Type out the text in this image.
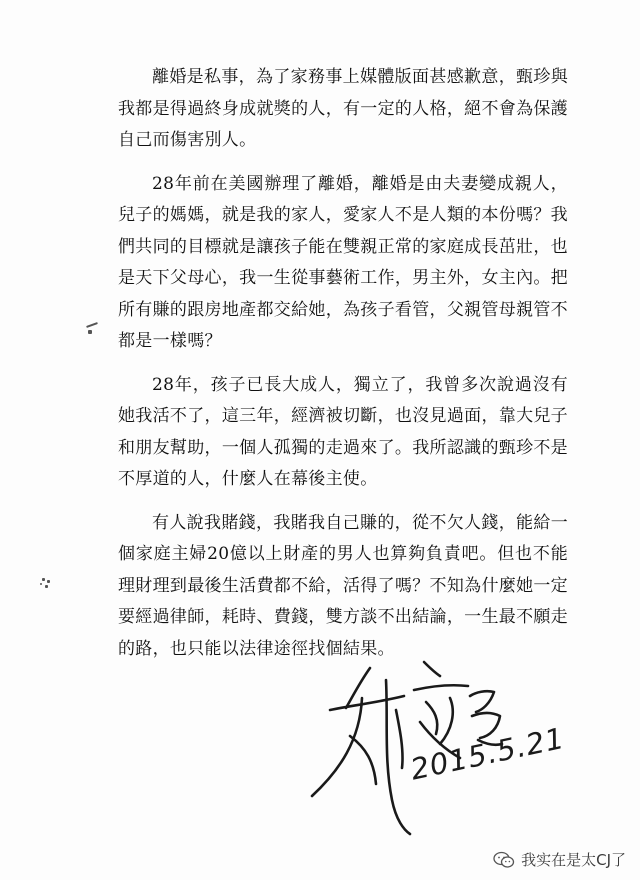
離婚是私事，為了家務事上媒體版面甚感歉意，甄珍與我都是得過終身成就獎的人，有一定的人格，絕不會為保護自己而傷害別人。

28年前在美國辦理了離婚，離婚是由夫妻變成親人，兒子的媽媽，就是我的家人，愛家人不是人類的本份嗎？我們共同的目標就是讓孩子能在雙親正常的家庭成長茁壯，也是天下父母心，我一生從事藝術工作，男主外，女主內。把所有賺的跟房地產都交給她，為孩子看管，父親管母親管不都是一樣嗎？

28年，孩子已長大成人，獨立了，我曾多次說過沒有她我活不了，這三年，經濟被切斷，也沒見過面，靠大兒子和朋友幫助，一個人孤獨的走過來了。我所認識的甄珍不是不厚道的人，什麼人在幕後主使。

有人說我賭錢，我賭我自己賺的，從不欠人錢，能給一個家庭主婦20億以上財產的男人也算夠負責吧。但也不能理財理到最後生活費都不給，活得了嗎？不知為什麼她一定要經過律師，耗時、費錢，雙方談不出結論，一生最不願走的路，也只能以法律途徑找個結果。

2015.5.21
我实在是太CJ了
